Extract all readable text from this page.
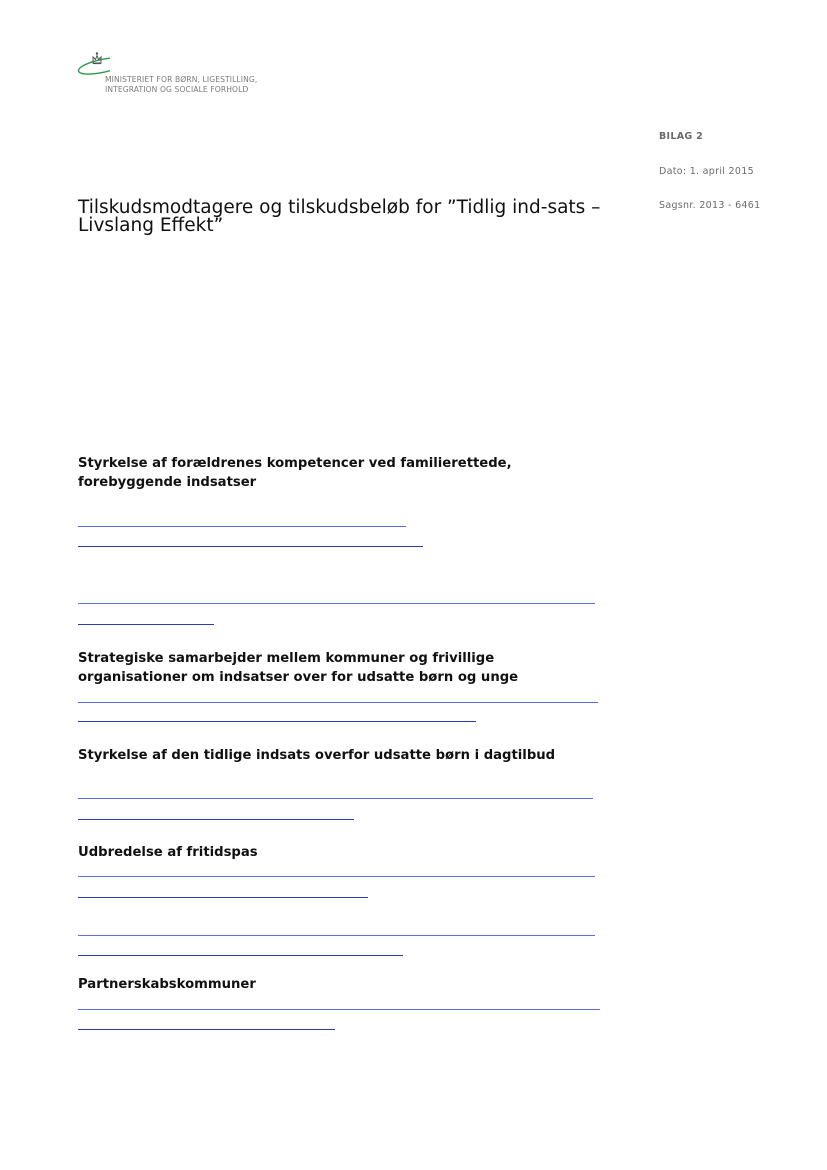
MINISTERIET FOR BØRN, LIGESTILLING,
INTEGRATION OG SOCIALE FORHOLD

BILAG 2
Dato: 1. april 2015
Sagsnr. 2013 - 6461
Tilskudsmodtagere og tilskudsbeløb for ”Tidlig ind-sats – Livslang Effekt”
Styrkelse af forældrenes kompetencer ved familierettede, forebyggende indsatser
Strategiske samarbejder mellem kommuner og frivillige organisationer om indsatser over for udsatte børn og unge
Styrkelse af den tidlige indsats overfor udsatte børn i dagtilbud
Udbredelse af fritidspas
Partnerskabskommuner
